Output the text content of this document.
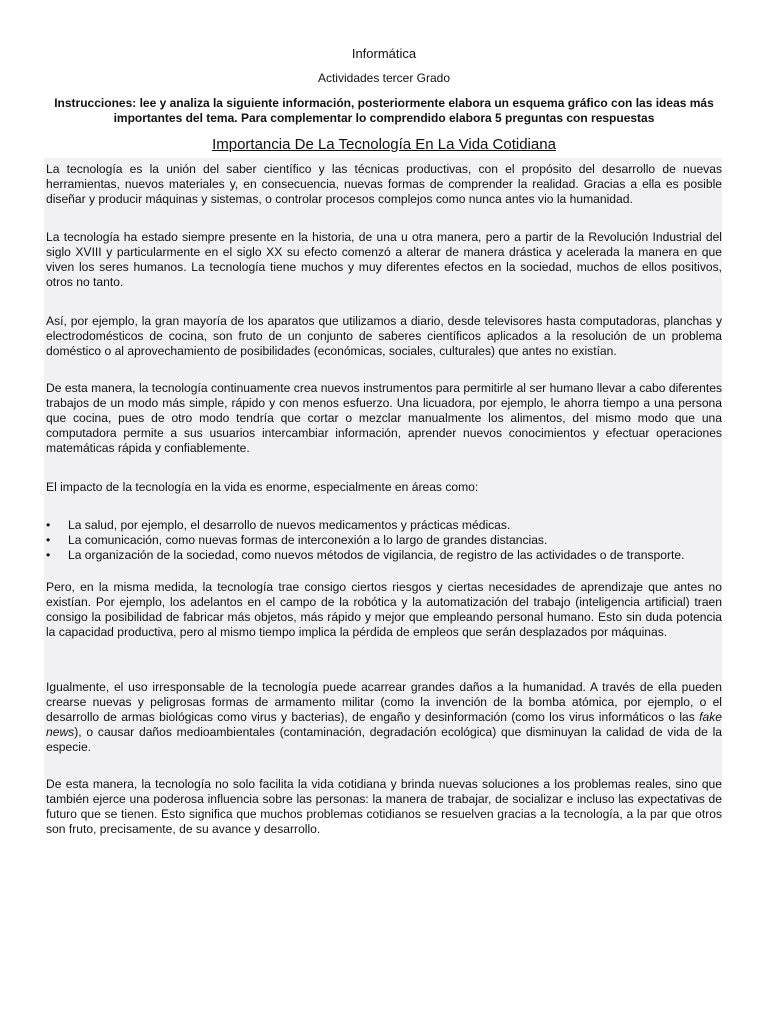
Informática
Actividades tercer Grado
Instrucciones: lee y analiza la siguiente información, posteriormente elabora un esquema gráfico con las ideas más importantes del tema. Para complementar lo comprendido elabora 5 preguntas con respuestas
Importancia De La Tecnología En La Vida Cotidiana

La tecnología es la unión del saber científico y las técnicas productivas, con el propósito del desarrollo de nuevas herramientas, nuevos materiales y, en consecuencia, nuevas formas de comprender la realidad. Gracias a ella es posible diseñar y producir máquinas y sistemas, o controlar procesos complejos como nunca antes vio la humanidad.

La tecnología ha estado siempre presente en la historia, de una u otra manera, pero a partir de la Revolución Industrial del siglo XVIII y particularmente en el siglo XX su efecto comenzó a alterar de manera drástica y acelerada la manera en que viven los seres humanos. La tecnología tiene muchos y muy diferentes efectos en la sociedad, muchos de ellos positivos, otros no tanto.

Así, por ejemplo, la gran mayoría de los aparatos que utilizamos a diario, desde televisores hasta computadoras, planchas y electrodomésticos de cocina, son fruto de un conjunto de saberes científicos aplicados a la resolución de un problema doméstico o al aprovechamiento de posibilidades (económicas, sociales, culturales) que antes no existían.

De esta manera, la tecnología continuamente crea nuevos instrumentos para permitirle al ser humano llevar a cabo diferentes trabajos de un modo más simple, rápido y con menos esfuerzo. Una licuadora, por ejemplo, le ahorra tiempo a una persona que cocina, pues de otro modo tendría que cortar o mezclar manualmente los alimentos, del mismo modo que una computadora permite a sus usuarios intercambiar información, aprender nuevos conocimientos y efectuar operaciones matemáticas rápida y confiablemente.

El impacto de la tecnología en la vida es enorme, especialmente en áreas como:

• La salud, por ejemplo, el desarrollo de nuevos medicamentos y prácticas médicas.
• La comunicación, como nuevas formas de interconexión a lo largo de grandes distancias.
• La organización de la sociedad, como nuevos métodos de vigilancia, de registro de las actividades o de transporte.

Pero, en la misma medida, la tecnología trae consigo ciertos riesgos y ciertas necesidades de aprendizaje que antes no existían. Por ejemplo, los adelantos en el campo de la robótica y la automatización del trabajo (inteligencia artificial) traen consigo la posibilidad de fabricar más objetos, más rápido y mejor que empleando personal humano. Esto sin duda potencia la capacidad productiva, pero al mismo tiempo implica la pérdida de empleos que serán desplazados por máquinas.

Igualmente, el uso irresponsable de la tecnología puede acarrear grandes daños a la humanidad. A través de ella pueden crearse nuevas y peligrosas formas de armamento militar (como la invención de la bomba atómica, por ejemplo, o el desarrollo de armas biológicas como virus y bacterias), de engaño y desinformación (como los virus informáticos o las fake news), o causar daños medioambientales (contaminación, degradación ecológica) que disminuyan la calidad de vida de la especie.

De esta manera, la tecnología no solo facilita la vida cotidiana y brinda nuevas soluciones a los problemas reales, sino que también ejerce una poderosa influencia sobre las personas: la manera de trabajar, de socializar e incluso las expectativas de futuro que se tienen. Esto significa que muchos problemas cotidianos se resuelven gracias a la tecnología, a la par que otros son fruto, precisamente, de su avance y desarrollo.
